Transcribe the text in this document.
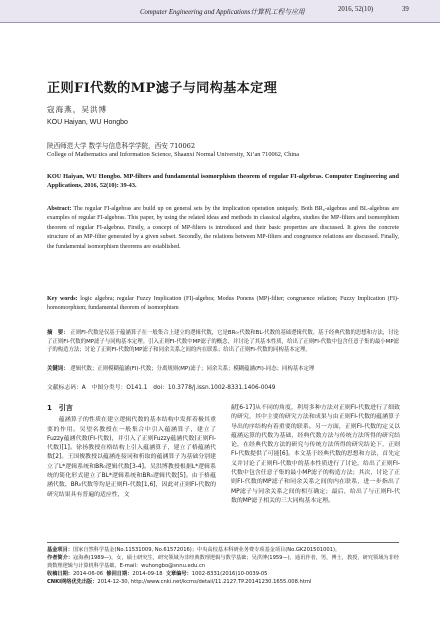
Computer Engineering and Applications计算机工程与应用	2016, 52(10)	39
正则FI代数的MP滤子与同构基本定理
寇海燕，吴洪博
KOU Haiyan, WU Hongbo
陕西师范大学 数学与信息科学学院，西安 710062
College of Mathematics and Information Science, Shaanxi Normal University, Xi’an 710062, China
KOU Haiyan, WU Hongbo. MP-filters and fundamental isomorphism theorem of regular FI-algebras. Computer Engineering and Applications, 2016, 52(10): 39-43.
Abstract: The regular FI-algebras are build up on general sets by the implication operation uniquely. Both BR₀-algebras and BL-algebras are examples of regular FI-algebras. This paper, by using the related ideas and methods in classical algebra, studies the MP-filters and isomorphism theorem of regular FI-algebras. Firstly, a concept of MP-filters is introduced and their basic properties are discussed. It gives the concrete structure of an MP-filter generated by a given subset. Secondly, the relations between MP-filters and congruence relations are discussed. Finally, the fundamental isomorphism theorems are established.
Key words: logic algebra; regular Fuzzy Implication (FI)-algebra; Modus Ponens (MP)-filter; congruence relation; Fuzzy Implication (FI)-homomorphism; fundamental theorem of isomorphism
摘　要： 正则FI-代数是仅基于蕴涵算子在一般集合上建立的逻辑代数，它是BR₀-代数和BL-代数的基础逻辑代数。基于经典代数的思想和方法，讨论了正则FI-代数的MP滤子与同构基本定理。引入正则FI-代数中MP滤子的概念，并讨论了其基本性质，给出了正则FI-代数中包含任意子集的最小MP滤子的构造方法；讨论了正则FI-代数的MP滤子和同余关系之间的内在联系；给出了正则FI-代数的同构基本定理。
关键词： 逻辑代数；正则模糊蕴涵(FI)-代数；分离规则(MP)滤子；同余关系；模糊蕴涵(FI)-同态；同构基本定理
文献标志码：A　中图分类号：O141.1　doi：10.3778/j.issn.1002-8331.1406-0049
1　引言

蕴涵算子的性质在建立逻辑代数的基本结构中发挥着极其重要的作用。吴望名教授在一般集合中引入蕴涵算子，建立了Fuzzy蕴涵代数(FI-代数)，并引入了正则Fuzzy蕴涵代数(正则FI-代数)[1]。徐扬教授在格结构上引入蕴涵算子，建立了格蕴涵代数[2]。王国俊教授以蕴涵连接词和析取的蕴涵算子为基础分别建立了L*逻辑系统和BR₀逻辑代数[3-4]。吴洪博教授根据L*逻辑系统的简化形式建立了BL*逻辑系统和BR₀逻辑代数[5]。由于格蕴涵代数、BR₀代数等均是正则FI-代数[1,6]，因此对正则FI-代数的研究结果具有普遍的适应性，文

献[6-17]从不同的角度，利用多种方法对正则FI-代数进行了细致的研究，其中主要的研究方法和成果与由正则FI-代数的蕴涵算子导出的序结构有着重要的联系。另一方面，正则FI-代数的定义以蕴涵运算的代数为基础，经典代数方法与传统方法所得的研究结论，在经典代数方法的研究与传统方法所得的研究结论下，正则FI-代数提供了可能[6]。本文基于经典代数的思想和方法，首先定义并讨论了正则FI-代数中的基本性质进行了讨论，给出了正则FI-代数中包含任意子集的最小MP滤子的构造方法；其次，讨论了正则FI-代数的MP滤子和同余关系之间的内在联系，进一步指出了MP滤子与同余关系之间的相互确定；最后，给出了与正则FI-代数的MP滤子相关的三大同构基本定理。

基金项目：国家自然科学基金(No.11531009, No.61572016)；中央高校基本科研业务费专项基金项目(No.GK201501001)。
作者简介：寇海燕(1989—)，女，硕士研究生，研究领域为非经典数理逻辑与数学基础；吴洪博(1959—)，通讯作者，男，博士，教授，研究领域为非经典数理逻辑与计算机科学基础。E-mail：wuhongbo@snnu.edu.cn
收稿日期：2014-06-06 修回日期：2014-09-18 文章编号：1002-8331(2016)10-0039-05
CNKI网络优先出版：2014-12-30, http://www.cnki.net/kcms/detail/11.2127.TP.20141230.1655.008.html
